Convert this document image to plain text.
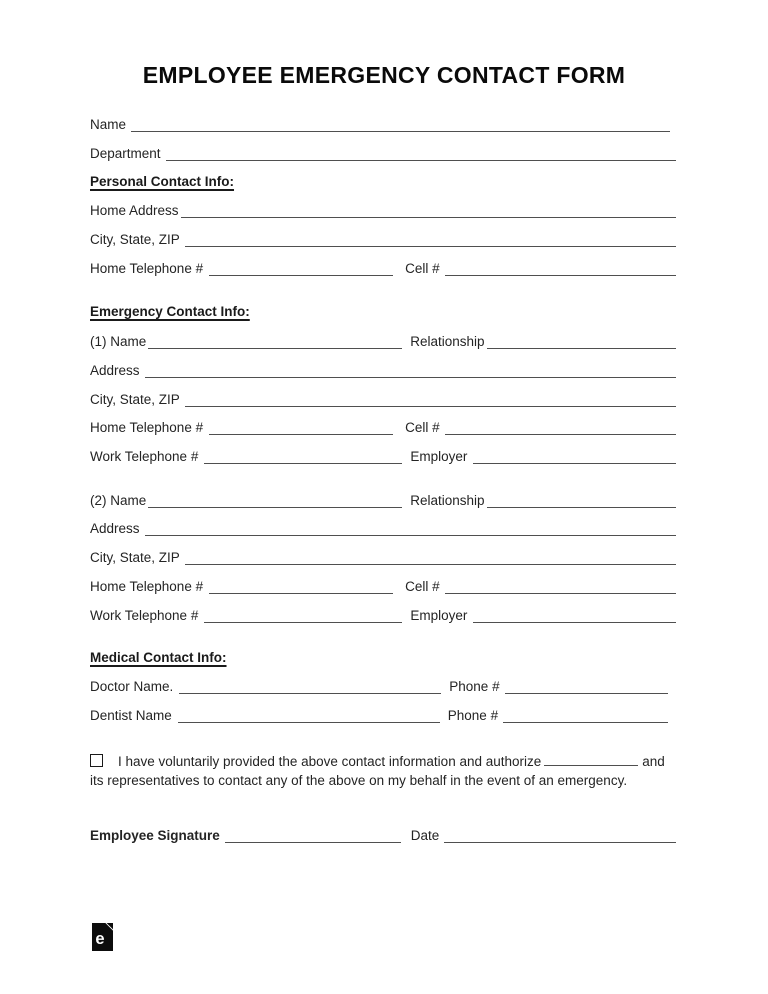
EMPLOYEE EMERGENCY CONTACT FORM
Name
Department
Personal Contact Info:
Home Address
City, State, ZIP
Home Telephone #	Cell #
Emergency Contact Info:
(1) Name	Relationship
Address
City, State, ZIP
Home Telephone #	Cell #
Work Telephone #	Employer
(2) Name	Relationship
Address
City, State, ZIP
Home Telephone #	Cell #
Work Telephone #	Employer
Medical Contact Info:
Doctor Name.	Phone #
Dentist Name	Phone #
I have voluntarily provided the above contact information and authorize	and its representatives to contact any of the above on my behalf in the event of an emergency.
Employee Signature	Date
e
